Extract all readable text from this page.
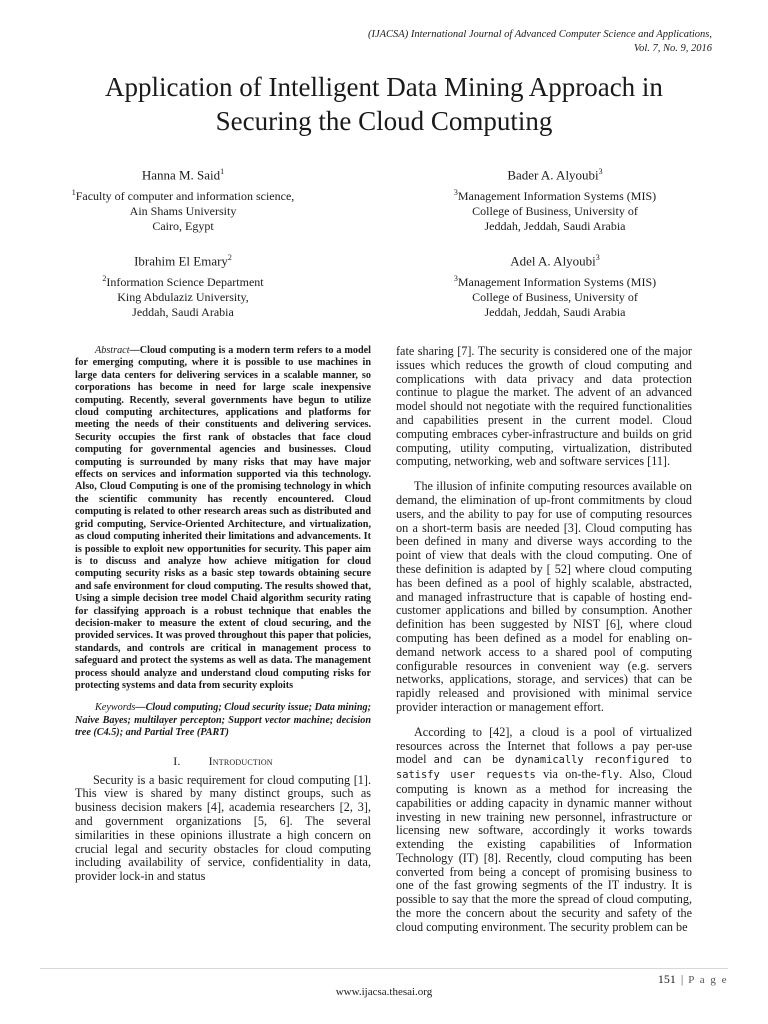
(IJACSA) International Journal of Advanced Computer Science and Applications,
Vol. 7, No. 9, 2016
Application of Intelligent Data Mining Approach in
Securing the Cloud Computing
Hanna M. Said$^1$
$^1$Faculty of computer and information science,
Ain Shams University
Cairo, Egypt
Ibrahim El Emary$^2$
$^2$Information Science Department
King Abdulaziz University,
Jeddah, Saudi Arabia
Bader A. Alyoubi$^3$
$^3$Management Information Systems (MIS)
College of Business, University of
Jeddah, Jeddah, Saudi Arabia
Adel A. Alyoubi$^3$
$^3$Management Information Systems (MIS)
College of Business, University of
Jeddah, Jeddah, Saudi Arabia

Abstract—Cloud computing is a modern term refers to a model for emerging computing, where it is possible to use machines in large data centers for delivering services in a scalable manner, so corporations has become in need for large scale inexpensive computing. Recently, several governments have begun to utilize cloud computing architectures, applications and platforms for meeting the needs of their constituents and delivering services. Security occupies the first rank of obstacles that face cloud computing for governmental agencies and businesses. Cloud computing is surrounded by many risks that may have major effects on services and information supported via this technology. Also, Cloud Computing is one of the promising technology in which the scientific community has recently encountered. Cloud computing is related to other research areas such as distributed and grid computing, Service-Oriented Architecture, and virtualization, as cloud computing inherited their limitations and advancements. It is possible to exploit new opportunities for security. This paper aim is to discuss and analyze how achieve mitigation for cloud computing security risks as a basic step towards obtaining secure and safe environment for cloud computing. The results showed that, Using a simple decision tree model Chaid algorithm security rating for classifying approach is a robust technique that enables the decision-maker to measure the extent of cloud securing, and the provided services. It was proved throughout this paper that policies, standards, and controls are critical in management process to safeguard and protect the systems as well as data. The management process should analyze and understand cloud computing risks for protecting systems and data from security exploits

Keywords—Cloud computing; Cloud security issue; Data mining; Naive Bayes; multilayer percepton; Support vector machine; decision tree (C4.5); and Partial Tree (PART)

I. Introduction

Security is a basic requirement for cloud computing [1]. This view is shared by many distinct groups, such as business decision makers [4], academia researchers [2, 3], and government organizations [5, 6]. The several similarities in these opinions illustrate a high concern on crucial legal and security obstacles for cloud computing including availability of service, confidentiality in data, provider lock-in and status

fate sharing [7]. The security is considered one of the major issues which reduces the growth of cloud computing and complications with data privacy and data protection continue to plague the market. The advent of an advanced model should not negotiate with the required functionalities and capabilities present in the current model. Cloud computing embraces cyber-infrastructure and builds on grid computing, utility computing, virtualization, distributed computing, networking, web and software services [11].

The illusion of infinite computing resources available on demand, the elimination of up-front commitments by cloud users, and the ability to pay for use of computing resources on a short-term basis are needed [3]. Cloud computing has been defined in many and diverse ways according to the point of view that deals with the cloud computing. One of these definition is adapted by [ 52] where cloud computing has been defined as a pool of highly scalable, abstracted, and managed infrastructure that is capable of hosting end-customer applications and billed by consumption. Another definition has been suggested by NIST [6], where cloud computing has been defined as a model for enabling on-demand network access to a shared pool of computing configurable resources in convenient way (e.g. servers networks, applications, storage, and services) that can be rapidly released and provisioned with minimal service provider interaction or management effort.

According to [42], a cloud is a pool of virtualized resources across the Internet that follows a pay per-use model and can be dynamically reconfigured to satisfy user requests via on-the-fly. Also, Cloud computing is known as a method for increasing the capabilities or adding capacity in dynamic manner without investing in new training new personnel, infrastructure or licensing new software, accordingly it works towards extending the existing capabilities of Information Technology (IT) [8]. Recently, cloud computing has been converted from being a concept of promising business to one of the fast growing segments of the IT industry. It is possible to say that the more the spread of cloud computing, the more the concern about the security and safety of the cloud computing environment. The security problem can be

151 | P a g e
www.ijacsa.thesai.org
